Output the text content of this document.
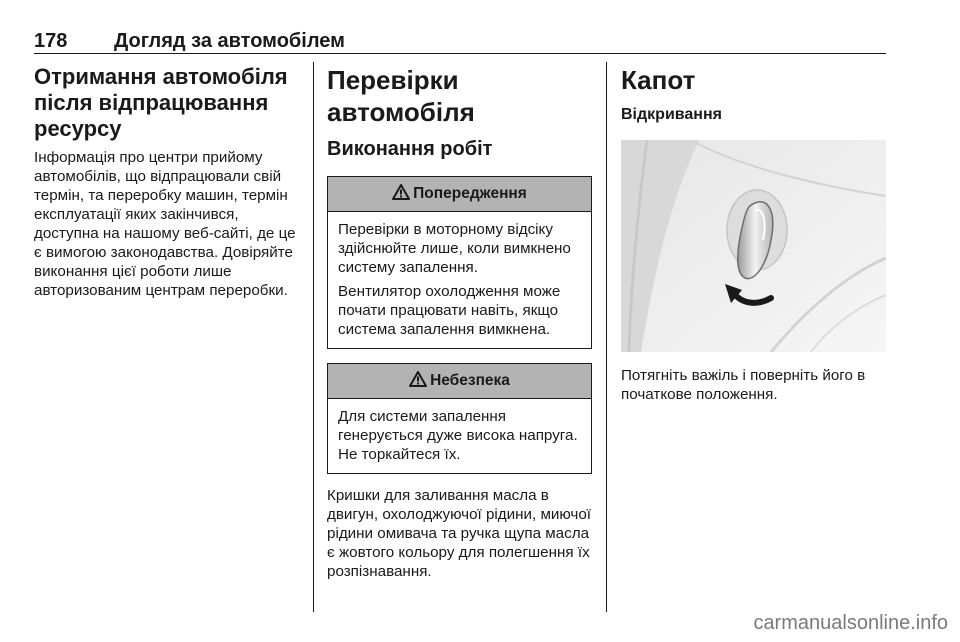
178 Догляд за автомобілем
Отримання автомобіля після відпрацювання ресурсу

Інформація про центри прийому автомобілів, що відпрацювали свій термін, та переробку машин, термін експлуатації яких закінчився, доступна на нашому веб-сайті, де це є вимогою законодавства. Довіряйте виконання цієї роботи лише авторизованим центрам переробки.

Перевірки автомобіля
Виконання робіт
Попередження

Перевірки в моторному відсіку здійснюйте лише, коли вимкнено систему запалення.

Вентилятор охолодження може почати працювати навіть, якщо система запалення вимкнена.

Небезпека

Для системи запалення генерується дуже висока напруга. Не торкайтеся їх.

Кришки для заливання масла в двигун, охолоджуючої рідини, миючої рідини омивача та ручка щупа масла є жовтого кольору для полегшення їх розпізнавання.

Капот
Відкривання

Потягніть важіль і поверніть його в початкове положення.

carmanualsonline.info
